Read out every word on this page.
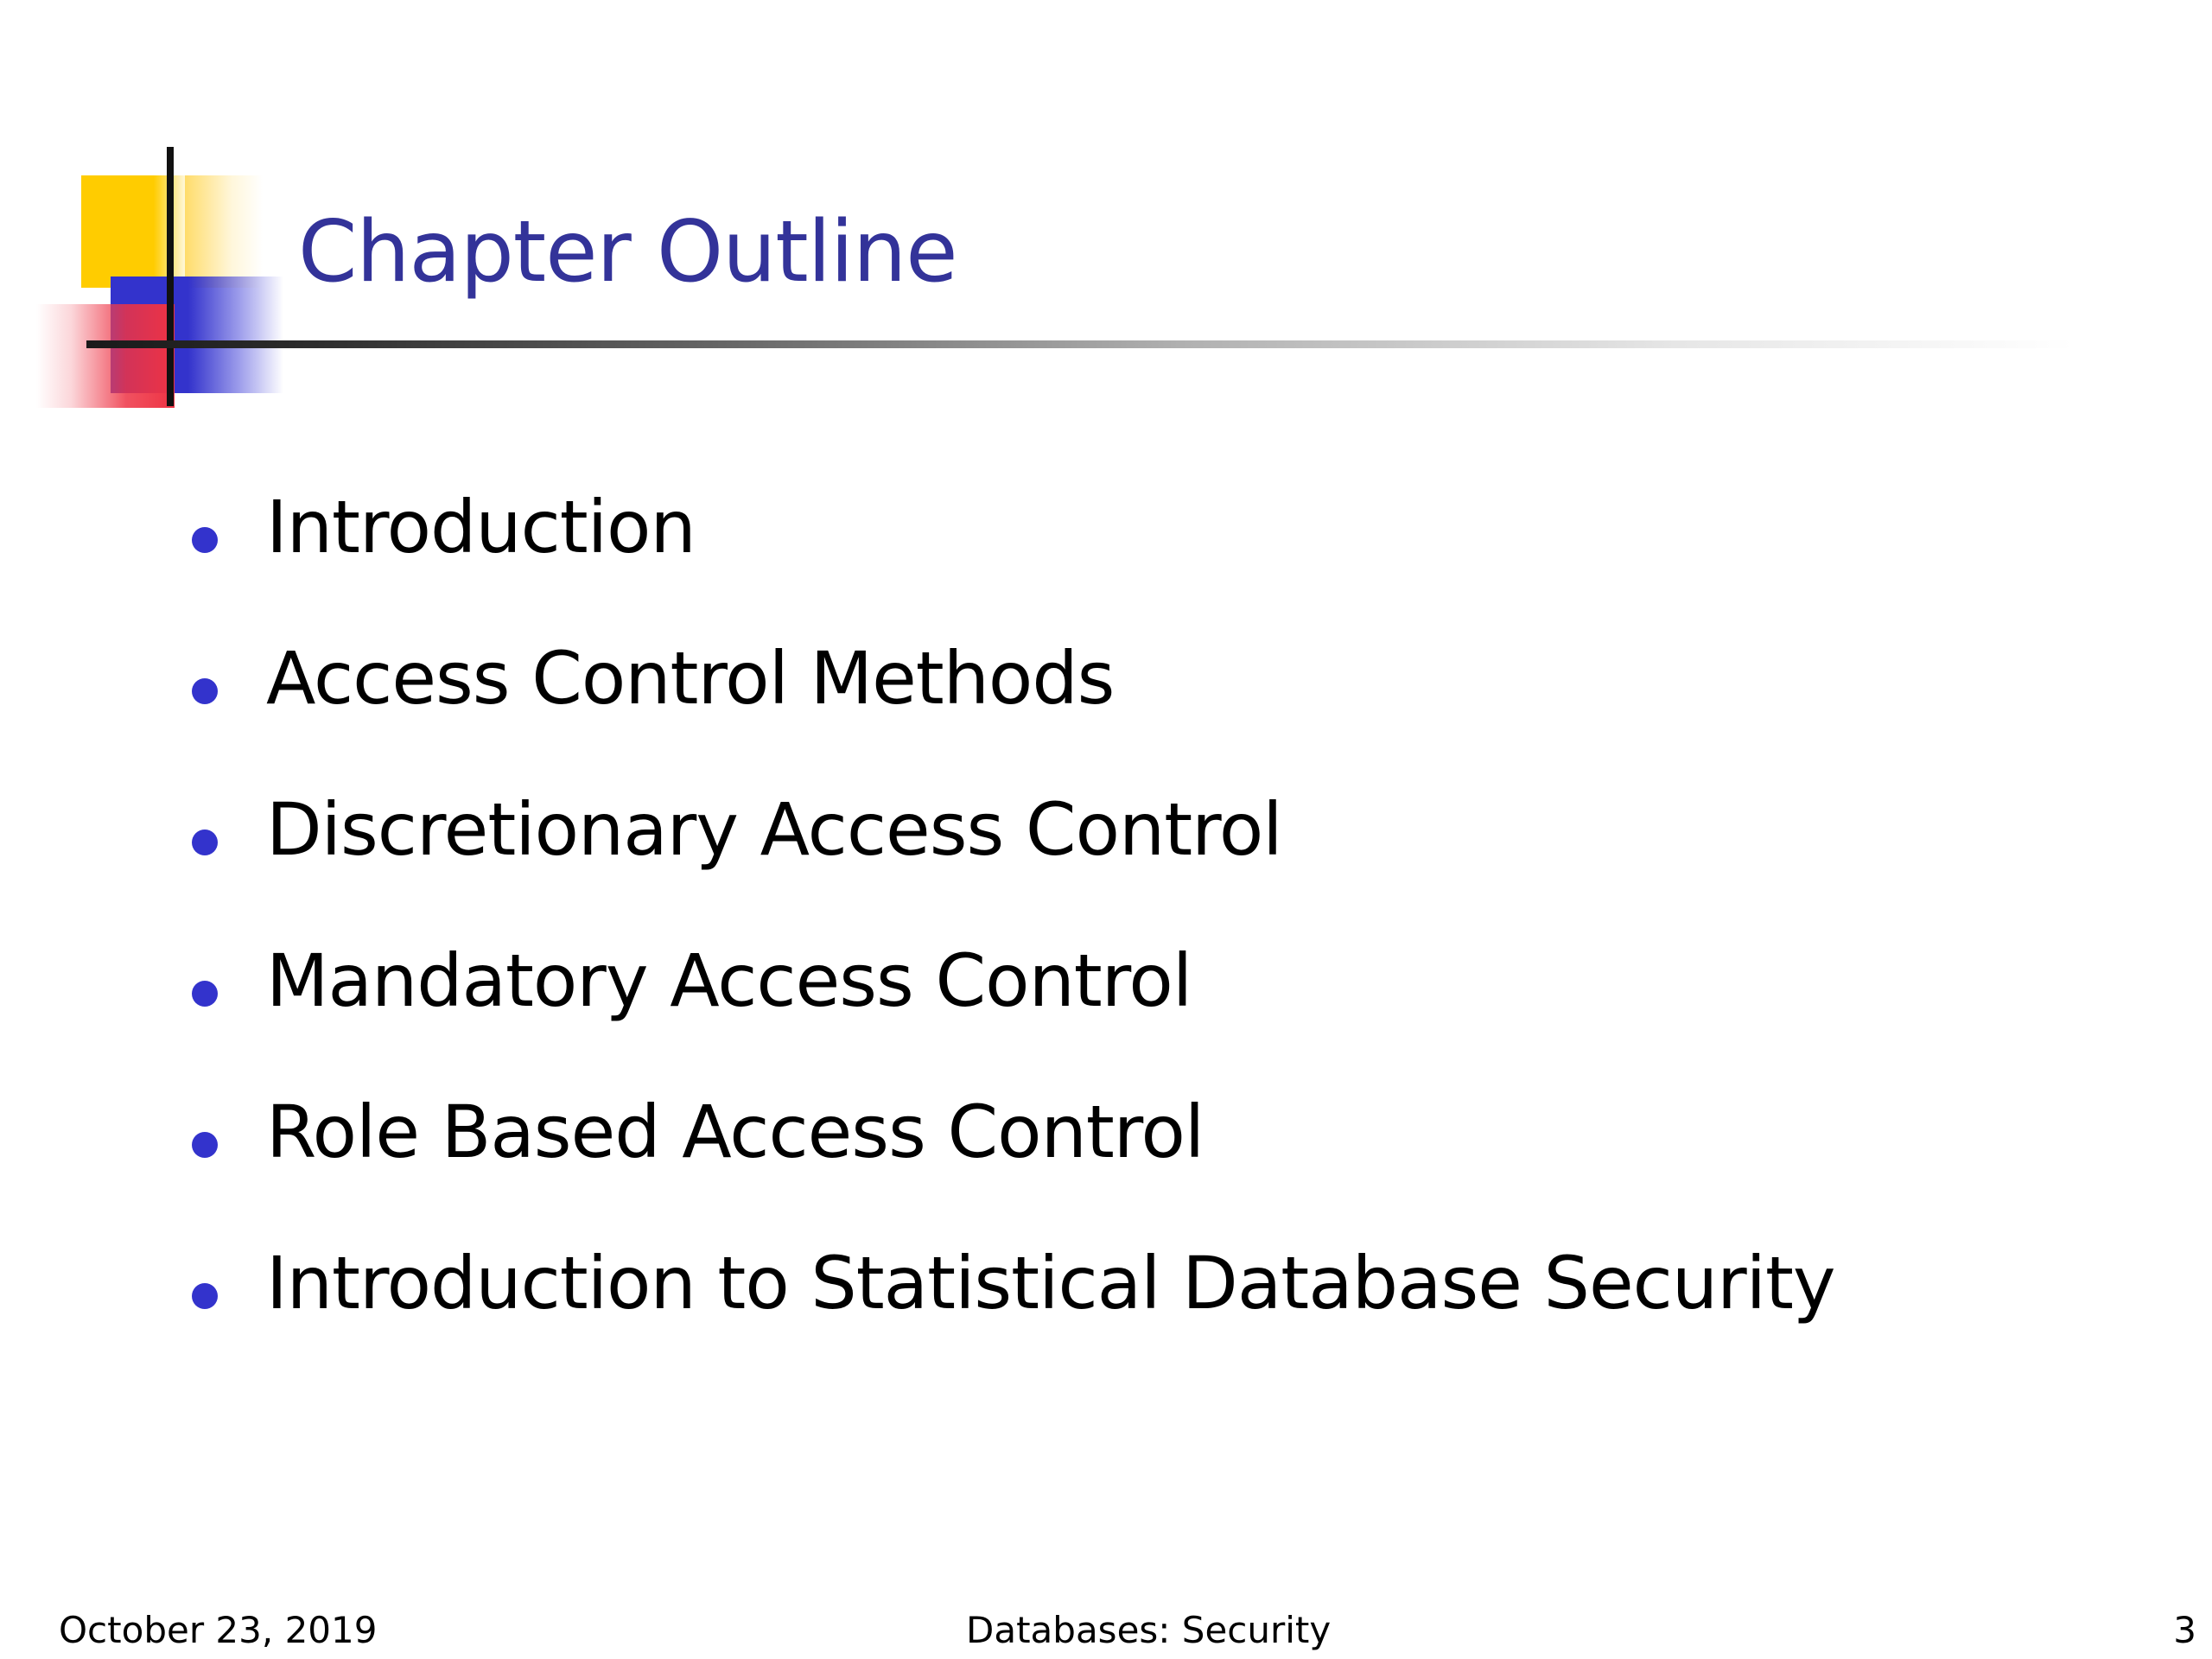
Chapter Outline
Introduction
Access Control Methods
Discretionary Access Control
Mandatory Access Control
Role Based Access Control
Introduction to Statistical Database Security
October 23, 2019	Databases: Security	3
